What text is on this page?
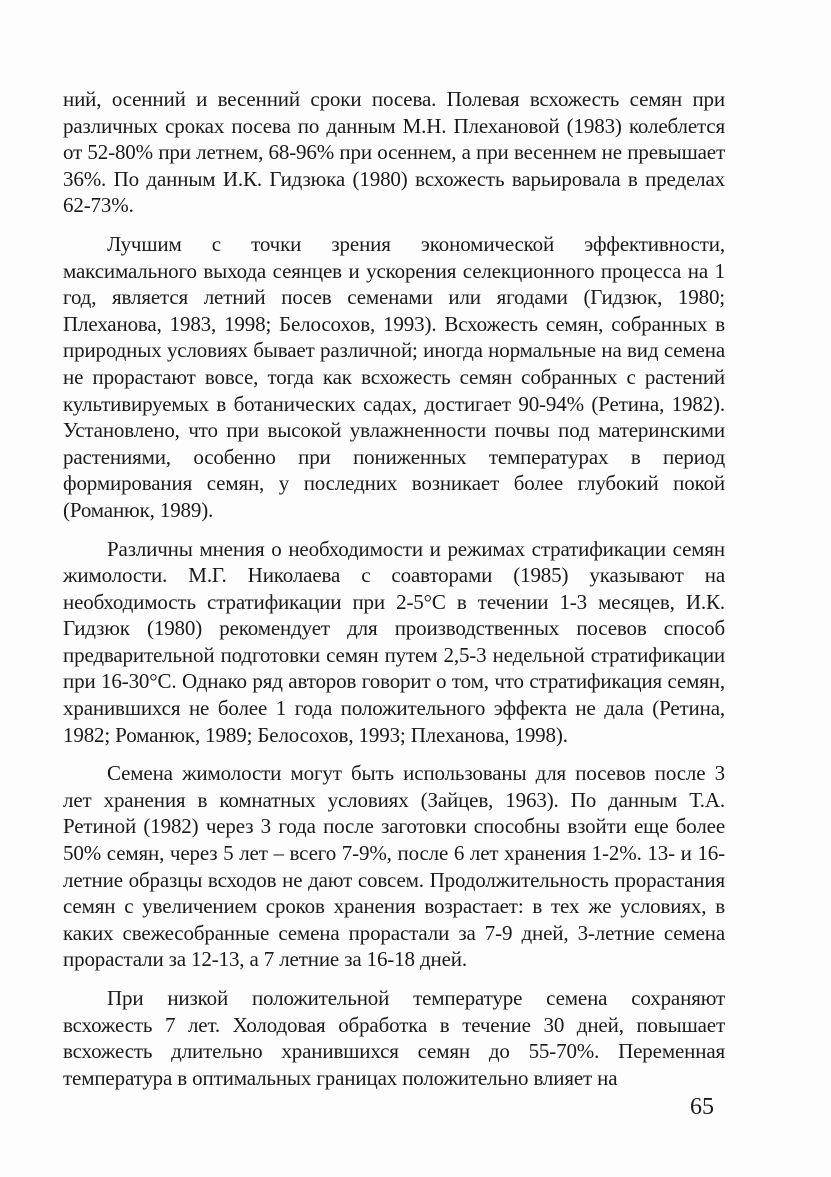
ний, осенний и весенний сроки посева. Полевая всхожесть семян при различных сроках посева по данным М.Н. Плехановой (1983) колеблется от 52-80% при летнем, 68-96% при осеннем, а при весеннем не превышает 36%. По данным И.К. Гидзюка (1980) всхожесть варьировала в пределах 62-73%.

Лучшим с точки зрения экономической эффективности, максимального выхода сеянцев и ускорения селекционного процесса на 1 год, является летний посев семенами или ягодами (Гидзюк, 1980; Плеханова, 1983, 1998; Белосохов, 1993). Всхожесть семян, собранных в природных условиях бывает различной; иногда нормальные на вид семена не прорастают вовсе, тогда как всхожесть семян собранных с растений культивируемых в ботанических садах, достигает 90-94% (Ретина, 1982). Установлено, что при высокой увлажненности почвы под материнскими растениями, особенно при пониженных температурах в период формирования семян, у последних возникает более глубокий покой (Романюк, 1989).

Различны мнения о необходимости и режимах стратификации семян жимолости. М.Г. Николаева с соавторами (1985) указывают на необходимость стратификации при 2-5°С в течении 1-3 месяцев, И.К. Гидзюк (1980) рекомендует для производственных посевов способ предварительной подготовки семян путем 2,5-3 недельной стратификации при 16-30°С. Однако ряд авторов говорит о том, что стратификация семян, хранившихся не более 1 года положительного эффекта не дала (Ретина, 1982; Романюк, 1989; Белосохов, 1993; Плеханова, 1998).

Семена жимолости могут быть использованы для посевов после 3 лет хранения в комнатных условиях (Зайцев, 1963). По данным Т.А. Ретиной (1982) через 3 года после заготовки способны взойти еще более 50% семян, через 5 лет – всего 7-9%, после 6 лет хранения 1-2%. 13- и 16-летние образцы всходов не дают совсем. Продолжительность прорастания семян с увеличением сроков хранения возрастает: в тех же условиях, в каких свежесобранные семена прорастали за 7-9 дней, 3-летние семена прорастали за 12-13, а 7 летние за 16-18 дней.

При низкой положительной температуре семена сохраняют всхожесть 7 лет. Холодовая обработка в течение 30 дней, повышает всхожесть длительно хранившихся семян до 55-70%. Переменная температура в оптимальных границах положительно влияет на

65
